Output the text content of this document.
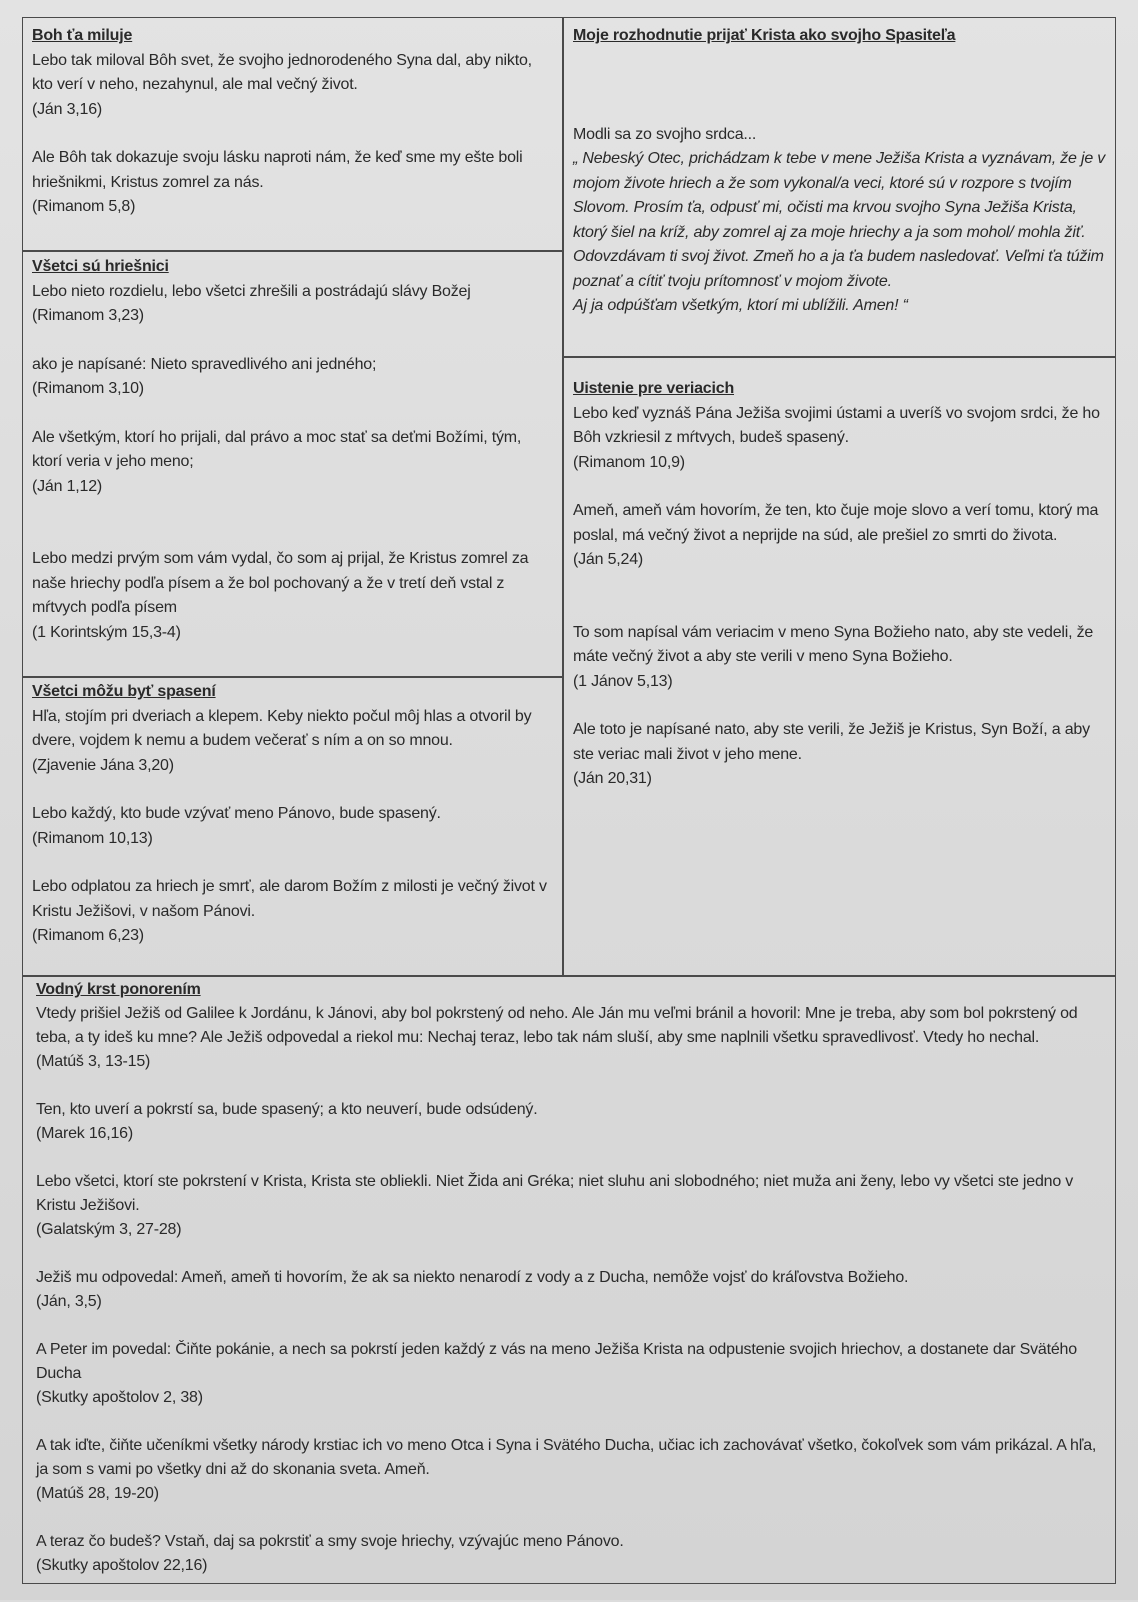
Boh ťa miluje

Lebo tak miloval Bôh svet, že svojho jednorodeného Syna dal, aby nikto, kto verí v neho, nezahynul, ale mal večný život.
(Ján 3,16)

Ale Bôh tak dokazuje svoju lásku naproti nám, že keď sme my ešte boli hriešnikmi, Kristus zomrel za nás.
(Rimanom 5,8)

Všetci sú hriešnici

Lebo nieto rozdielu, lebo všetci zhrešili a postrádajú slávy Božej
(Rimanom 3,23)

ako je napísané: Nieto spravedlivého ani jedného;
(Rimanom 3,10)

Ale všetkým, ktorí ho prijali, dal právo a moc stať sa deťmi Božími, tým, ktorí veria v jeho meno;
(Ján 1,12)

Lebo medzi prvým som vám vydal, čo som aj prijal, že Kristus zomrel za naše hriechy podľa písem a že bol pochovaný a že v tretí deň vstal z mŕtvych podľa písem
(1 Korintským 15,3-4)

Všetci môžu byť spasení

Hľa, stojím pri dveriach a klepem. Keby niekto počul môj hlas a otvoril by dvere, vojdem k nemu a budem večerať s ním a on so mnou.
(Zjavenie Jána 3,20)

Lebo každý, kto bude vzývať meno Pánovo, bude spasený.
(Rimanom 10,13)

Lebo odplatou za hriech je smrť, ale darom Božím z milosti je večný život v Kristu Ježišovi, v našom Pánovi.
(Rimanom 6,23)

Moje rozhodnutie prijať Krista ako svojho Spasiteľa
Modli sa zo svojho srdca...
„ Nebeský Otec, prichádzam k tebe v mene Ježiša Krista a vyznávam, že je v mojom živote hriech a že som vykonal/a veci, ktoré sú v rozpore s tvojím Slovom. Prosím ťa, odpusť mi, očisti ma krvou svojho Syna Ježiša Krista, ktorý šiel na kríž, aby zomrel aj za moje hriechy a ja som mohol/ mohla žiť. Odovzdávam ti svoj život. Zmeň ho a ja ťa budem nasledovať. Veľmi ťa túžim poznať a cítiť tvoju prítomnosť v mojom živote.
Aj ja odpúšťam všetkým, ktorí mi ublížili. Amen! “
Uistenie pre veriacich

Lebo keď vyznáš Pána Ježiša svojimi ústami a uveríš vo svojom srdci, že ho Bôh vzkriesil z mŕtvych, budeš spasený.
(Rimanom 10,9)

Ameň, ameň vám hovorím, že ten, kto čuje moje slovo a verí tomu, ktorý ma poslal, má večný život a neprijde na súd, ale prešiel zo smrti do života.
(Ján 5,24)

To som napísal vám veriacim v meno Syna Božieho nato, aby ste vedeli, že máte večný život a aby ste verili v meno Syna Božieho.
(1 Jánov 5,13)

Ale toto je napísané nato, aby ste verili, že Ježiš je Kristus, Syn Boží, a aby ste veriac mali život v jeho mene.
(Ján 20,31)

Vodný krst ponorením

Vtedy prišiel Ježiš od Galilee k Jordánu, k Jánovi, aby bol pokrstený od neho. Ale Ján mu veľmi bránil a hovoril: Mne je treba, aby som bol pokrstený od teba, a ty ideš ku mne? Ale Ježiš odpovedal a riekol mu: Nechaj teraz, lebo tak nám sluší, aby sme naplnili všetku spravedlivosť. Vtedy ho nechal.
(Matúš 3, 13-15)

Ten, kto uverí a pokrstí sa, bude spasený; a kto neuverí, bude odsúdený.
(Marek 16,16)

Lebo všetci, ktorí ste pokrstení v Krista, Krista ste obliekli. Niet Žida ani Gréka; niet sluhu ani slobodného; niet muža ani ženy, lebo vy všetci ste jedno v Kristu Ježišovi.
(Galatským 3, 27-28)

Ježiš mu odpovedal: Ameň, ameň ti hovorím, že ak sa niekto nenarodí z vody a z Ducha, nemôže vojsť do kráľovstva Božieho.
(Ján, 3,5)

A Peter im povedal: Čiňte pokánie, a nech sa pokrstí jeden každý z vás na meno Ježiša Krista na odpustenie svojich hriechov, a dostanete dar Svätého Ducha
(Skutky apoštolov 2, 38)

A tak iďte, čiňte učeníkmi všetky národy krstiac ich vo meno Otca i Syna i Svätého Ducha, učiac ich zachovávať všetko, čokoľvek som vám prikázal. A hľa, ja som s vami po všetky dni až do skonania sveta. Ameň.
(Matúš 28, 19-20)

A teraz čo budeš? Vstaň, daj sa pokrstiť a smy svoje hriechy, vzývajúc meno Pánovo.
(Skutky apoštolov 22,16)
